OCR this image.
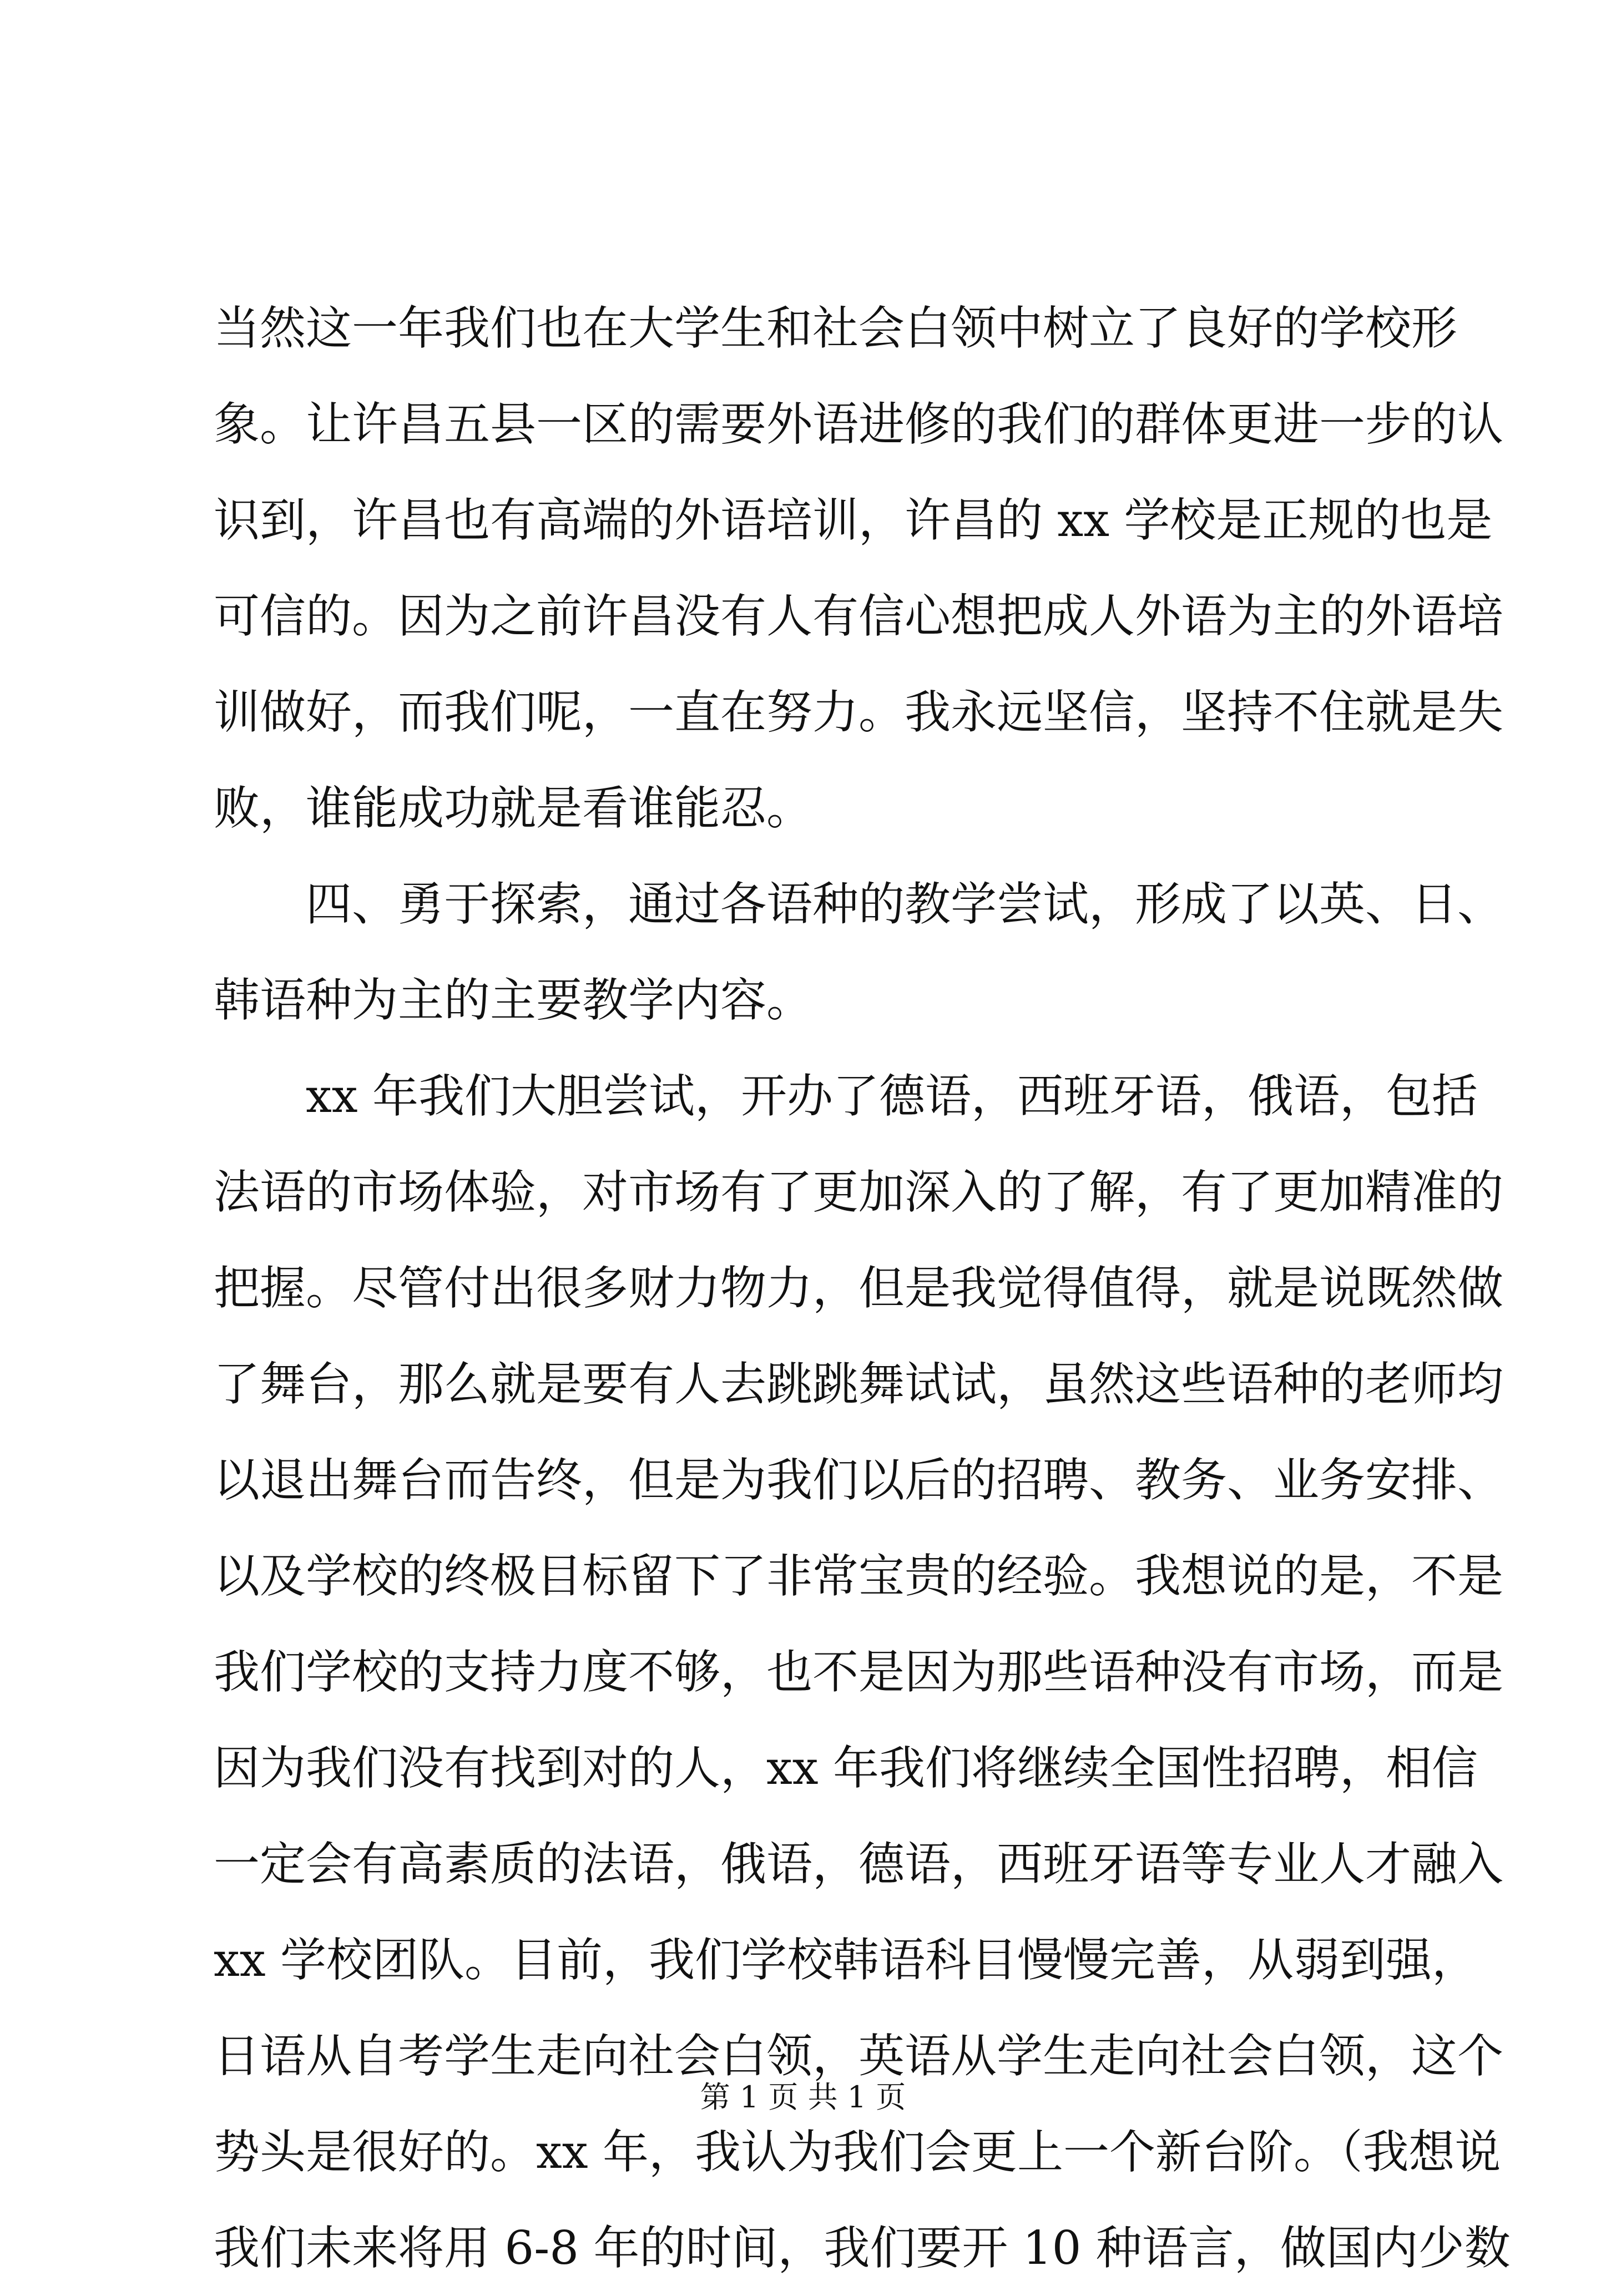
当然这一年我们也在大学生和社会白领中树立了良好的学校形
象。让许昌五县一区的需要外语进修的我们的群体更进一步的认
识到，许昌也有高端的外语培训，许昌的 xx 学校是正规的也是
可信的。因为之前许昌没有人有信心想把成人外语为主的外语培
训做好，而我们呢，一直在努力。我永远坚信，坚持不住就是失
败，谁能成功就是看谁能忍。
四、勇于探索，通过各语种的教学尝试，形成了以英、日、
韩语种为主的主要教学内容。
xx 年我们大胆尝试，开办了德语，西班牙语，俄语，包括
法语的市场体验，对市场有了更加深入的了解，有了更加精准的
把握。尽管付出很多财力物力，但是我觉得值得，就是说既然做
了舞台，那么就是要有人去跳跳舞试试，虽然这些语种的老师均
以退出舞台而告终，但是为我们以后的招聘、教务、业务安排、
以及学校的终极目标留下了非常宝贵的经验。我想说的是，不是
我们学校的支持力度不够，也不是因为那些语种没有市场，而是
因为我们没有找到对的人，xx 年我们将继续全国性招聘，相信
一定会有高素质的法语，俄语，德语，西班牙语等专业人才融入
xx 学校团队。目前，我们学校韩语科目慢慢完善，从弱到强，
日语从自考学生走向社会白领，英语从学生走向社会白领，这个
势头是很好的。xx 年，我认为我们会更上一个新台阶。（我想说
我们未来将用 6-8 年的时间，我们要开 10 种语言，做国内少数
第 1 页 共 1 页
